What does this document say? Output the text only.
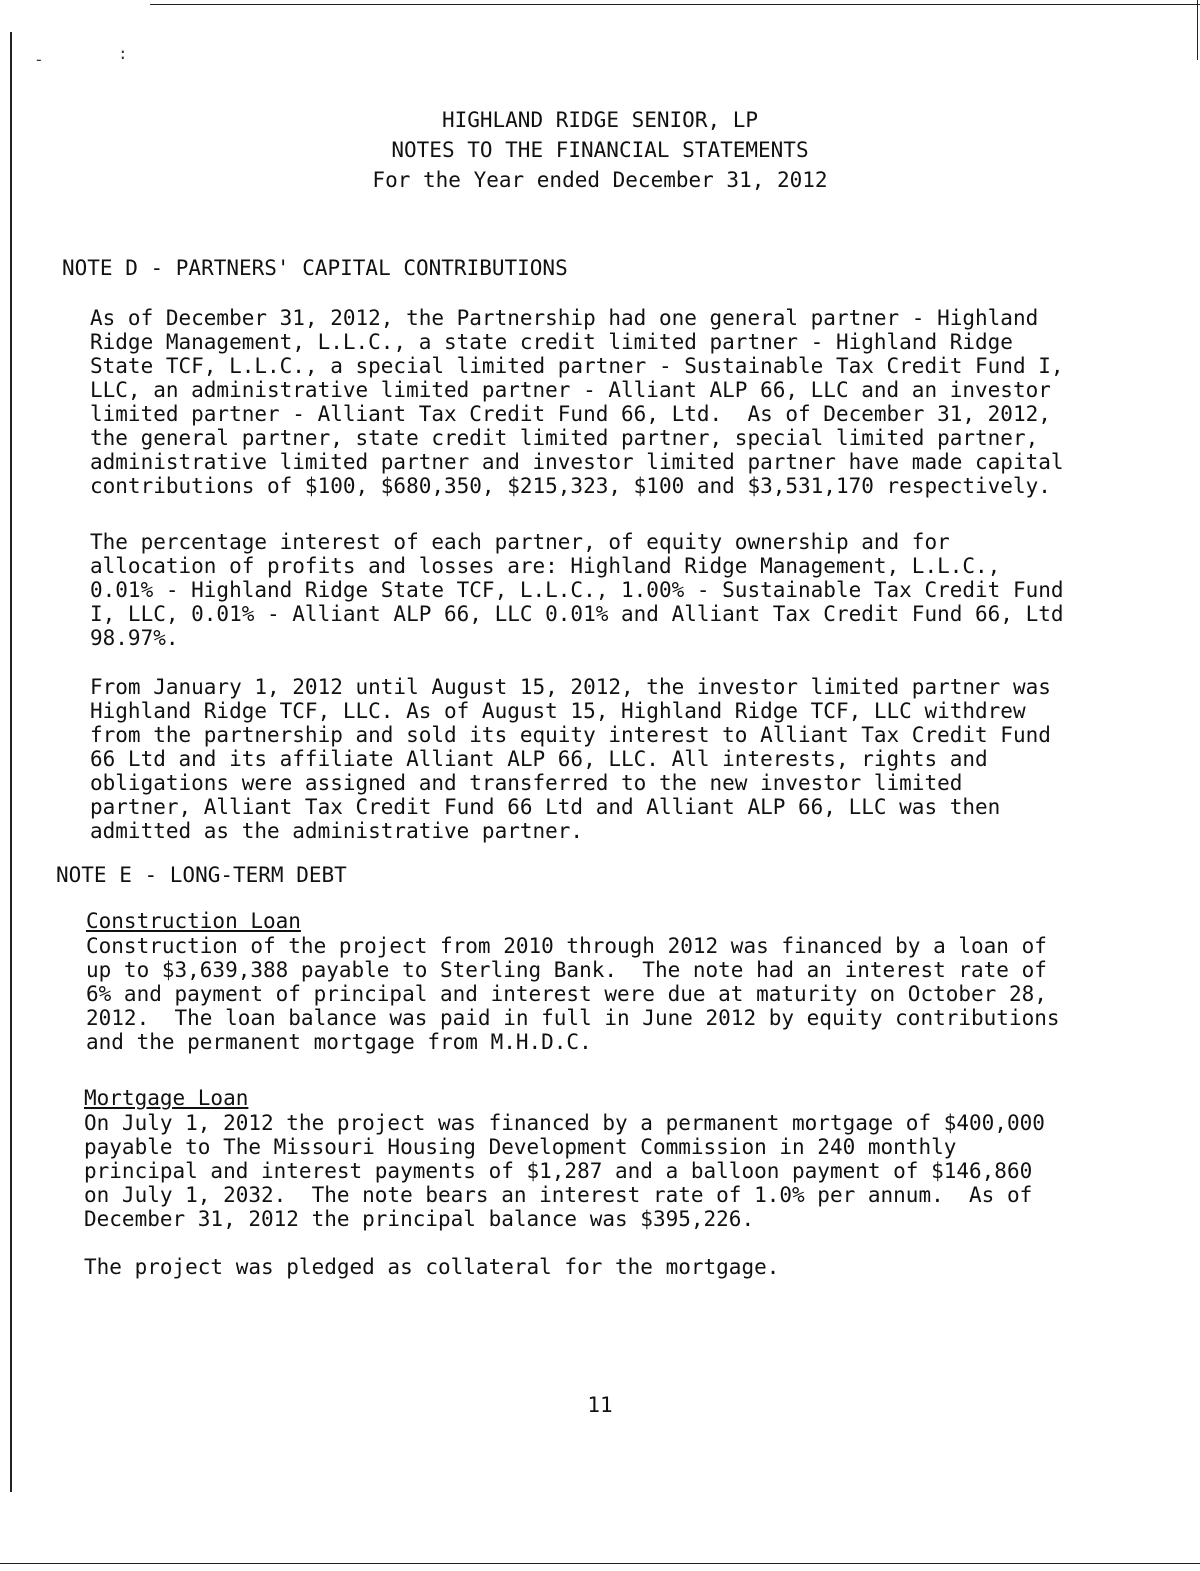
-	:
HIGHLAND RIDGE SENIOR, LP
NOTES TO THE FINANCIAL STATEMENTS
For the Year ended December 31, 2012
NOTE D - PARTNERS' CAPITAL CONTRIBUTIONS
As of December 31, 2012, the Partnership had one general partner - Highland
Ridge Management, L.L.C., a state credit limited partner - Highland Ridge
State TCF, L.L.C., a special limited partner - Sustainable Tax Credit Fund I,
LLC, an administrative limited partner - Alliant ALP 66, LLC and an investor
limited partner - Alliant Tax Credit Fund 66, Ltd.  As of December 31, 2012,
the general partner, state credit limited partner, special limited partner,
administrative limited partner and investor limited partner have made capital
contributions of $100, $680,350, $215,323, $100 and $3,531,170 respectively.
The percentage interest of each partner, of equity ownership and for
allocation of profits and losses are: Highland Ridge Management, L.L.C.,
0.01% - Highland Ridge State TCF, L.L.C., 1.00% - Sustainable Tax Credit Fund
I, LLC, 0.01% - Alliant ALP 66, LLC 0.01% and Alliant Tax Credit Fund 66, Ltd
98.97%.
From January 1, 2012 until August 15, 2012, the investor limited partner was
Highland Ridge TCF, LLC. As of August 15, Highland Ridge TCF, LLC withdrew
from the partnership and sold its equity interest to Alliant Tax Credit Fund
66 Ltd and its affiliate Alliant ALP 66, LLC. All interests, rights and
obligations were assigned and transferred to the new investor limited
partner, Alliant Tax Credit Fund 66 Ltd and Alliant ALP 66, LLC was then
admitted as the administrative partner.
NOTE E - LONG-TERM DEBT
Construction Loan
Construction of the project from 2010 through 2012 was financed by a loan of
up to $3,639,388 payable to Sterling Bank.  The note had an interest rate of
6% and payment of principal and interest were due at maturity on October 28,
2012.  The loan balance was paid in full in June 2012 by equity contributions
and the permanent mortgage from M.H.D.C.
Mortgage Loan
On July 1, 2012 the project was financed by a permanent mortgage of $400,000
payable to The Missouri Housing Development Commission in 240 monthly
principal and interest payments of $1,287 and a balloon payment of $146,860
on July 1, 2032.  The note bears an interest rate of 1.0% per annum.  As of
December 31, 2012 the principal balance was $395,226.
The project was pledged as collateral for the mortgage.
11
